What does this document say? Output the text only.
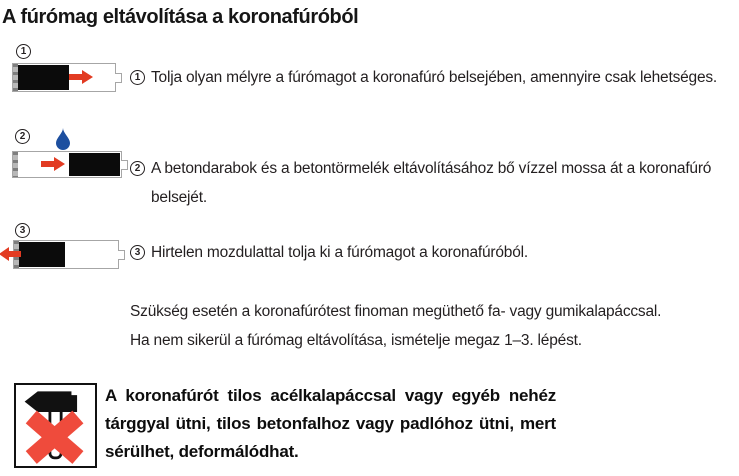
A fúrómag eltávolítása a koronafúróból
1
1 Tolja olyan mélyre a fúrómagot a koronafúró belsejében, amennyire csak lehetséges.
2
2 A betondarabok és a betontörmelék eltávolításához bő vízzel mossa át a koronafúró
belsejét.
3
3 Hirtelen mozdulattal tolja ki a fúrómagot a koronafúróból.
Szükség esetén a koronafúrótest finoman megüthető fa- vagy gumikalapáccsal.
Ha nem sikerül a fúrómag eltávolítása, ismételje megaz 1–3. lépést.
A koronafúrót tilos acélkalapáccsal vagy egyéb nehéz
tárggyal ütni, tilos betonfalhoz vagy padlóhoz ütni, mert
sérülhet, deformálódhat.
